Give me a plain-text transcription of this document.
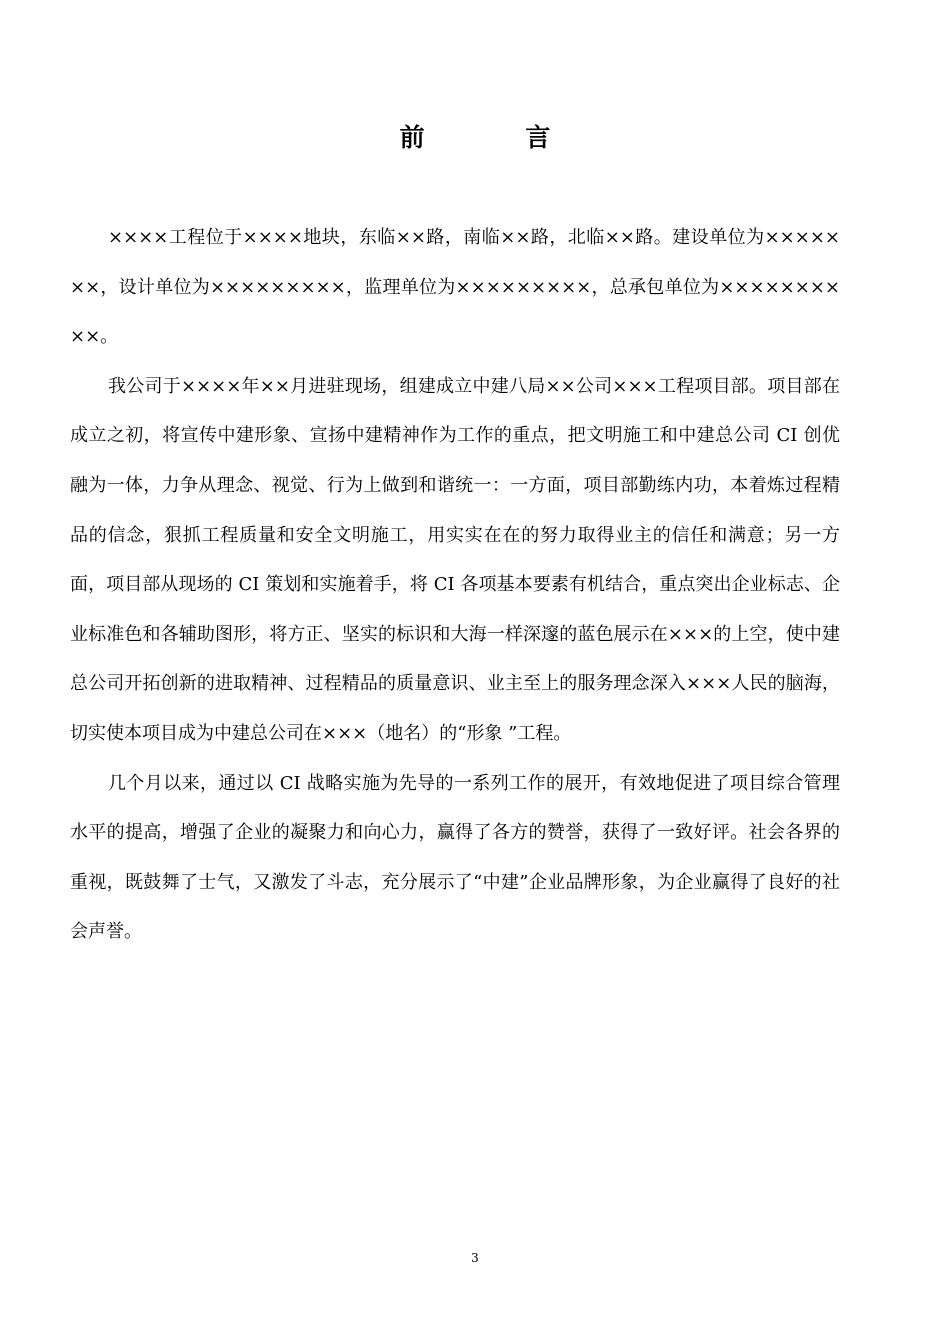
前 言

××××工程位于××××地块，东临××路，南临××路，北临××路。建设单位为×××××××，设计单位为×××××××××，监理单位为×××××××××，总承包单位为××××××××××。

我公司于××××年××月进驻现场，组建成立中建八局××公司×××工程项目部。项目部在成立之初，将宣传中建形象、宣扬中建精神作为工作的重点，把文明施工和中建总公司 CI 创优融为一体，力争从理念、视觉、行为上做到和谐统一：一方面，项目部勤练内功，本着炼过程精品的信念，狠抓工程质量和安全文明施工，用实实在在的努力取得业主的信任和满意；另一方面，项目部从现场的 CI 策划和实施着手，将 CI 各项基本要素有机结合，重点突出企业标志、企业标准色和各辅助图形，将方正、坚实的标识和大海一样深邃的蓝色展示在×××的上空，使中建总公司开拓创新的进取精神、过程精品的质量意识、业主至上的服务理念深入×××人民的脑海，切实使本项目成为中建总公司在×××（地名）的“形象 ”工程。

几个月以来，通过以 CI 战略实施为先导的一系列工作的展开，有效地促进了项目综合管理水平的提高，增强了企业的凝聚力和向心力，赢得了各方的赞誉，获得了一致好评。社会各界的重视，既鼓舞了士气，又激发了斗志，充分展示了“中建”企业品牌形象，为企业赢得了良好的社会声誉。

3
